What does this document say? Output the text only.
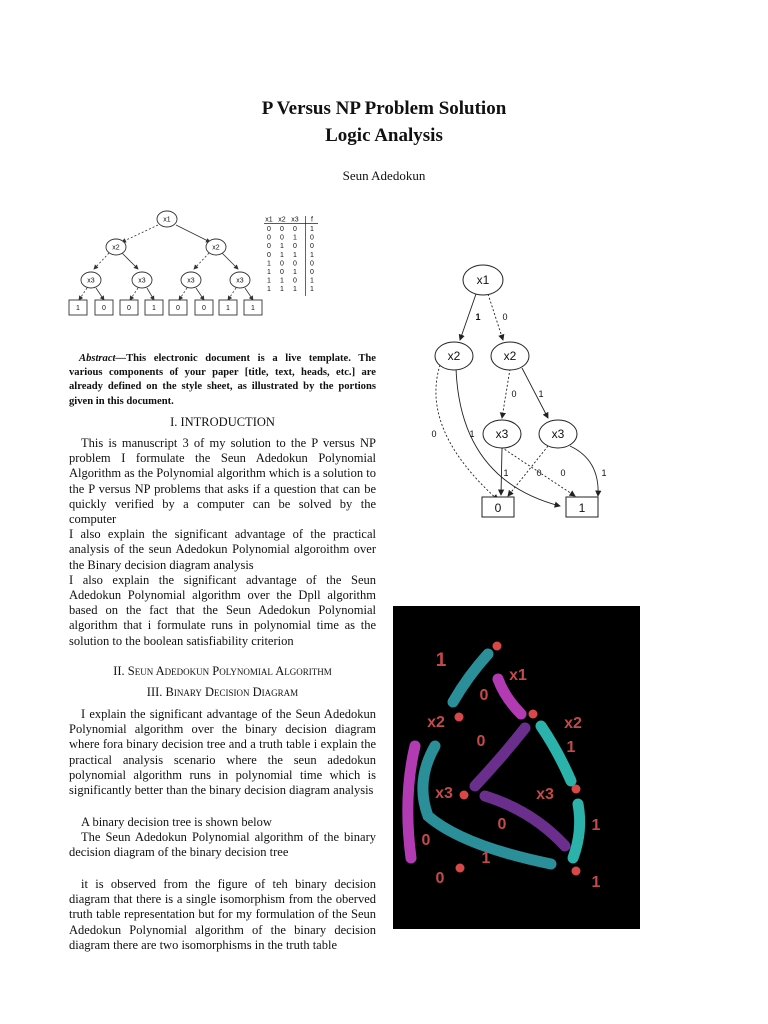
P Versus NP Problem Solution
Logic Analysis
Seun Adedokun
x1
x2	x2
x3	x3	x3	x3
1	0	0	1	0	0	1	1
x1 x2 x3 f
0 0 0 1
0 0 1 0
0 1 0 0
0 1 1 1
1 0 0 0
1 0 1 0
1 1 0 1
1 1 1 1
x1
x2	x2
x3	x3
0	1
1 0
0	1
0 1
1	0 0	1
1
x1
0
x2	x2
0	1
x3	x3
0	1
0
1
0	1
Abstract—This electronic document is a live template. The various components of your paper [title, text, heads, etc.] are already defined on the style sheet, as illustrated by the portions given in this document.
I. INTRODUCTION
This is manuscript 3 of my solution to the P versus NP problem I formulate the Seun Adedokun Polynomial Algorithm as the Polynomial algorithm which is a solution to the P versus NP problems that asks if a question that can be quickly verified by a computer can be solved by the computer
I also explain the significant advantage of the practical analysis of the seun Adedokun Polynomial algoroithm over the Binary decision diagram analysis
I also explain the significant advantage of the Seun Adedokun Polynomial algorithm over the Dpll algorithm based on the fact that the Seun Adedokun Polynomial algorithm that i formulate runs in polynomial time as the solution to the boolean satisfiability criterion
II. Seun Adedokun Polynomial Algorithm
III. Binary Decision Diagram
I explain the significant advantage of the Seun Adedokun Polynomial algorithm over the binary decision diagram where fora binary decision tree and a truth table i explain the practical analysis scenario where the seun adedokun polynomial algorithm runs in polynomial time which is significantly better than the binary decision diagram analysis
A binary decision tree is shown below
The Seun Adedokun Polynomial algorithm of the binary decision diagram of the binary decision tree
it is observed from the figure of teh binary decision diagram that there is a single isomorphism from the oberved truth table representation but for my formulation of the Seun Adedokun Polynomial algorithm of the binary decision diagram there are two isomorphisms in the truth table
